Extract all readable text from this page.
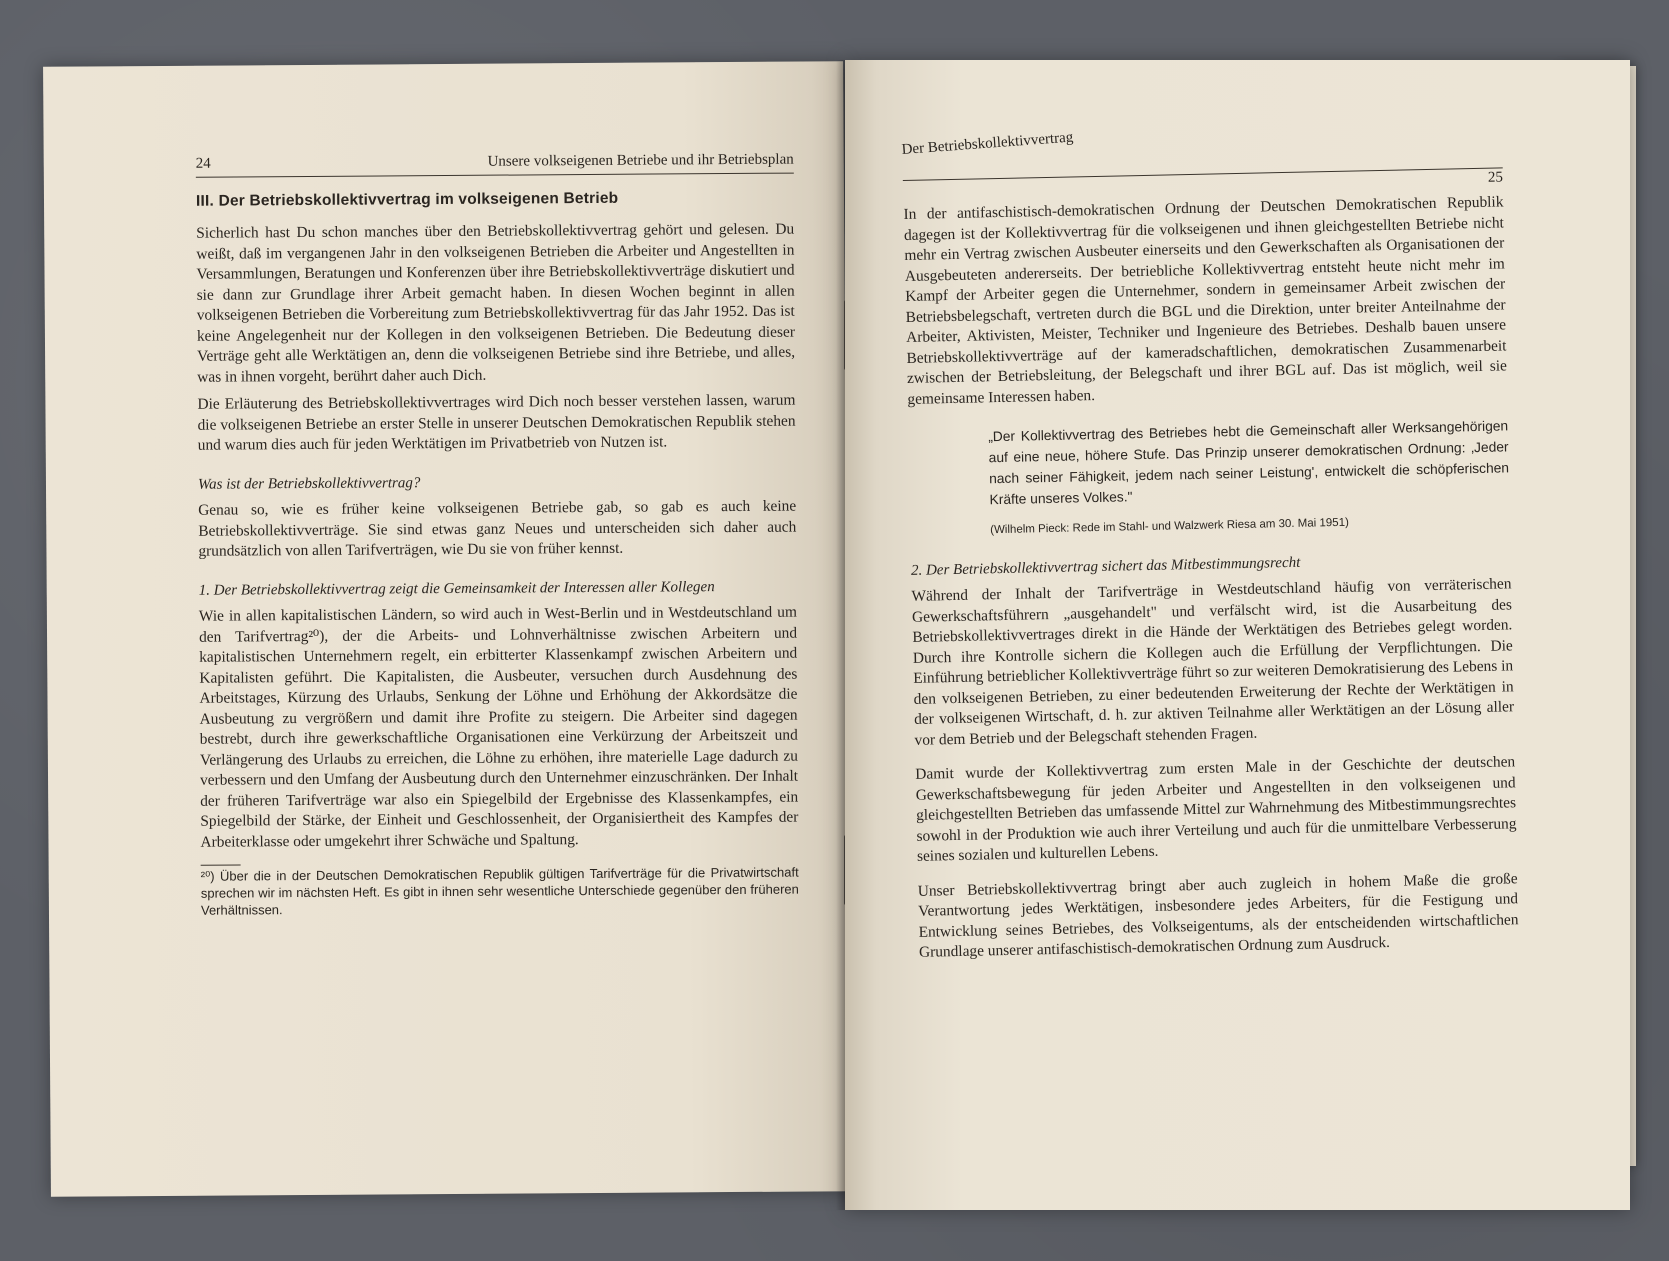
24	Unsere volkseigenen Betriebe und ihr Betriebsplan
III. Der Betriebskollektivvertrag im volkseigenen Betrieb

Sicherlich hast Du schon manches über den Betriebskollektivvertrag gehört und gelesen. Du weißt, daß im vergangenen Jahr in den volkseigenen Betrieben die Arbeiter und Angestellten in Versammlungen, Beratungen und Konferenzen über ihre Betriebskollektivverträge diskutiert und sie dann zur Grundlage ihrer Arbeit gemacht haben. In diesen Wochen beginnt in allen volkseigenen Betrieben die Vorbereitung zum Betriebskollektivvertrag für das Jahr 1952. Das ist keine Angelegenheit nur der Kollegen in den volkseigenen Betrieben. Die Bedeutung dieser Verträge geht alle Werktätigen an, denn die volkseigenen Betriebe sind ihre Betriebe, und alles, was in ihnen vorgeht, berührt daher auch Dich.

Die Erläuterung des Betriebskollektivvertrages wird Dich noch besser verstehen lassen, warum die volkseigenen Betriebe an erster Stelle in unserer Deutschen Demokratischen Republik stehen und warum dies auch für jeden Werktätigen im Privatbetrieb von Nutzen ist.

Was ist der Betriebskollektivvertrag?

Genau so, wie es früher keine volkseigenen Betriebe gab, so gab es auch keine Betriebskollektivverträge. Sie sind etwas ganz Neues und unterscheiden sich daher auch grundsätzlich von allen Tarifverträgen, wie Du sie von früher kennst.

1. Der Betriebskollektivvertrag zeigt die Gemeinsamkeit der Interessen aller Kollegen

Wie in allen kapitalistischen Ländern, so wird auch in West-Berlin und in Westdeutschland um den Tarifvertrag²⁰), der die Arbeits- und Lohnverhältnisse zwischen Arbeitern und kapitalistischen Unternehmern regelt, ein erbitterter Klassenkampf zwischen Arbeitern und Kapitalisten geführt. Die Kapitalisten, die Ausbeuter, versuchen durch Ausdehnung des Arbeitstages, Kürzung des Urlaubs, Senkung der Löhne und Erhöhung der Akkordsätze die Ausbeutung zu vergrößern und damit ihre Profite zu steigern. Die Arbeiter sind dagegen bestrebt, durch ihre gewerkschaftliche Organisationen eine Verkürzung der Arbeitszeit und Verlängerung des Urlaubs zu erreichen, die Löhne zu erhöhen, ihre materielle Lage dadurch zu verbessern und den Umfang der Ausbeutung durch den Unternehmer einzuschränken. Der Inhalt der früheren Tarifverträge war also ein Spiegelbild der Ergebnisse des Klassenkampfes, ein Spiegelbild der Stärke, der Einheit und Geschlossenheit, der Organisiertheit des Kampfes der Arbeiterklasse oder umgekehrt ihrer Schwäche und Spaltung.

²⁰) Über die in der Deutschen Demokratischen Republik gültigen Tarifverträge für die Privatwirtschaft sprechen wir im nächsten Heft. Es gibt in ihnen sehr wesentliche Unterschiede gegenüber den früheren Verhältnissen.
Der Betriebskollektivvertrag
25

In der antifaschistisch-demokratischen Ordnung der Deutschen Demokratischen Republik dagegen ist der Kollektivvertrag für die volkseigenen und ihnen gleichgestellten Betriebe nicht mehr ein Vertrag zwischen Ausbeuter einerseits und den Gewerkschaften als Organisationen der Ausgebeuteten andererseits. Der betriebliche Kollektivvertrag entsteht heute nicht mehr im Kampf der Arbeiter gegen die Unternehmer, sondern in gemeinsamer Arbeit zwischen der Betriebsbelegschaft, vertreten durch die BGL und die Direktion, unter breiter Anteilnahme der Arbeiter, Aktivisten, Meister, Techniker und Ingenieure des Betriebes. Deshalb bauen unsere Betriebskollektivverträge auf der kameradschaftlichen, demokratischen Zusammenarbeit zwischen der Betriebsleitung, der Belegschaft und ihrer BGL auf. Das ist möglich, weil sie gemeinsame Interessen haben.

„Der Kollektivvertrag des Betriebes hebt die Gemeinschaft aller Werksangehörigen auf eine neue, höhere Stufe. Das Prinzip unserer demokratischen Ordnung: ‚Jeder nach seiner Fähigkeit, jedem nach seiner Leistung', entwickelt die schöpferischen Kräfte unseres Volkes."
(Wilhelm Pieck: Rede im Stahl- und Walzwerk Riesa am 30. Mai 1951)
2. Der Betriebskollektivvertrag sichert das Mitbestimmungsrecht

Während der Inhalt der Tarifverträge in Westdeutschland häufig von verräterischen Gewerkschaftsführern „ausgehandelt" und verfälscht wird, ist die Ausarbeitung des Betriebskollektivvertrages direkt in die Hände der Werktätigen des Betriebes gelegt worden. Durch ihre Kontrolle sichern die Kollegen auch die Erfüllung der Verpflichtungen. Die Einführung betrieblicher Kollektivverträge führt so zur weiteren Demokratisierung des Lebens in den volkseigenen Betrieben, zu einer bedeutenden Erweiterung der Rechte der Werktätigen in der volkseigenen Wirtschaft, d. h. zur aktiven Teilnahme aller Werktätigen an der Lösung aller vor dem Betrieb und der Belegschaft stehenden Fragen.

Damit wurde der Kollektivvertrag zum ersten Male in der Geschichte der deutschen Gewerkschaftsbewegung für jeden Arbeiter und Angestellten in den volkseigenen und gleichgestellten Betrieben das umfassende Mittel zur Wahrnehmung des Mitbestimmungsrechtes sowohl in der Produktion wie auch ihrer Verteilung und auch für die unmittelbare Verbesserung seines sozialen und kulturellen Lebens.

Unser Betriebskollektivvertrag bringt aber auch zugleich in hohem Maße die große Verantwortung jedes Werktätigen, insbesondere jedes Arbeiters, für die Festigung und Entwicklung seines Betriebes, des Volkseigentums, als der entscheidenden wirtschaftlichen Grundlage unserer antifaschistisch-demokratischen Ordnung zum Ausdruck.
